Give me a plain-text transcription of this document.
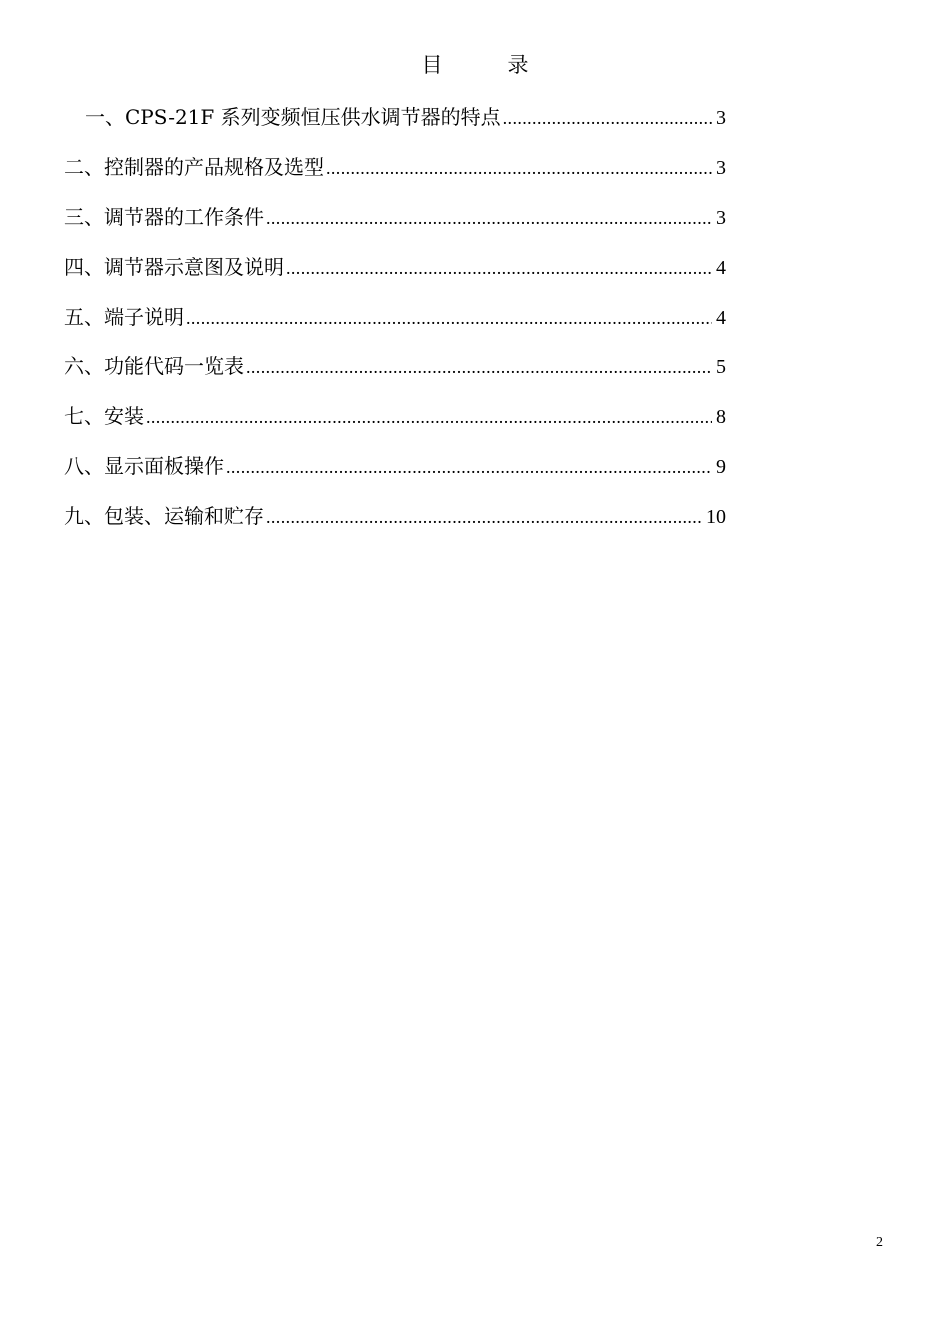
目　录
一、CPS-21F 系列变频恒压供水调节器的特点 .....	3
二、控制器的产品规格及选型 .....	3
三、调节器的工作条件 .....	3
四、调节器示意图及说明 .....	4
五、端子说明 .....	4
六、功能代码一览表 .....	5
七、安装 .....	8
八、显示面板操作 .....	9
九、包装、运输和贮存 .....	10
2
